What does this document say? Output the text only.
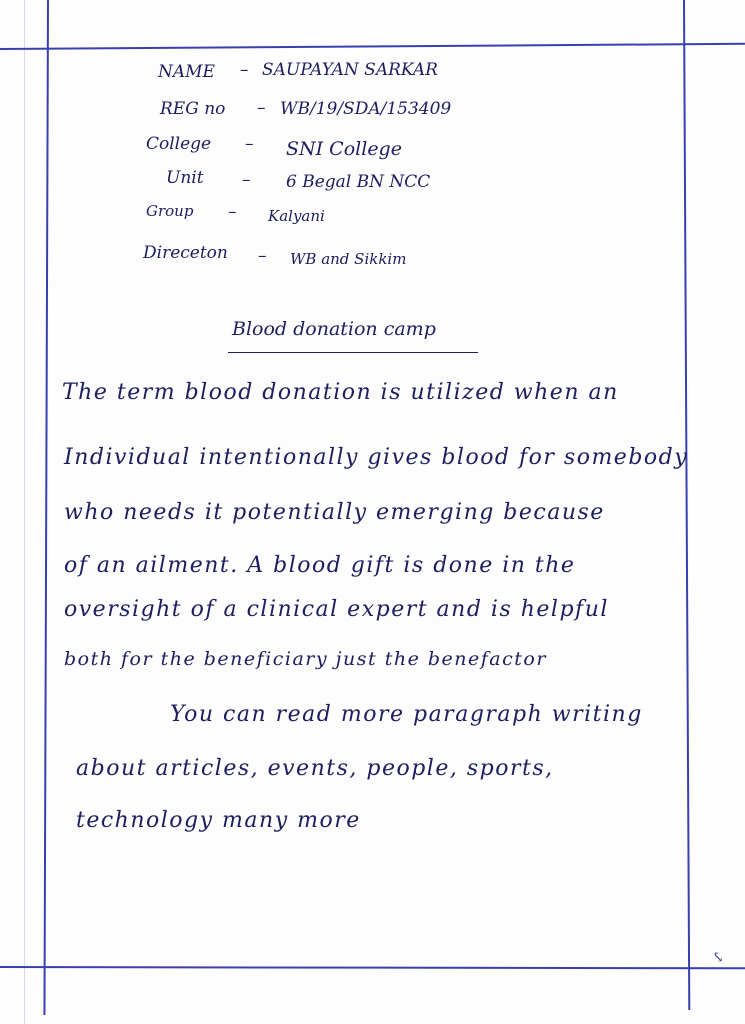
NAME – SAUPAYAN SARKAR
REG no – WB/19/SDA/153409
College – SNI College
Unit – 6 Begal BN NCC
Group – Kalyani
Direceton – WB and Sikkim
Blood donation camp
The term blood donation is utilized when an
Individual intentionally gives blood for somebody
who needs it potentially emerging because
of an ailment. A blood gift is done in the
oversight of a clinical expert and is helpful
both for the beneficiary just the benefactor
You can read more paragraph writing
about articles, events, people, sports,
technology many more
⤥
